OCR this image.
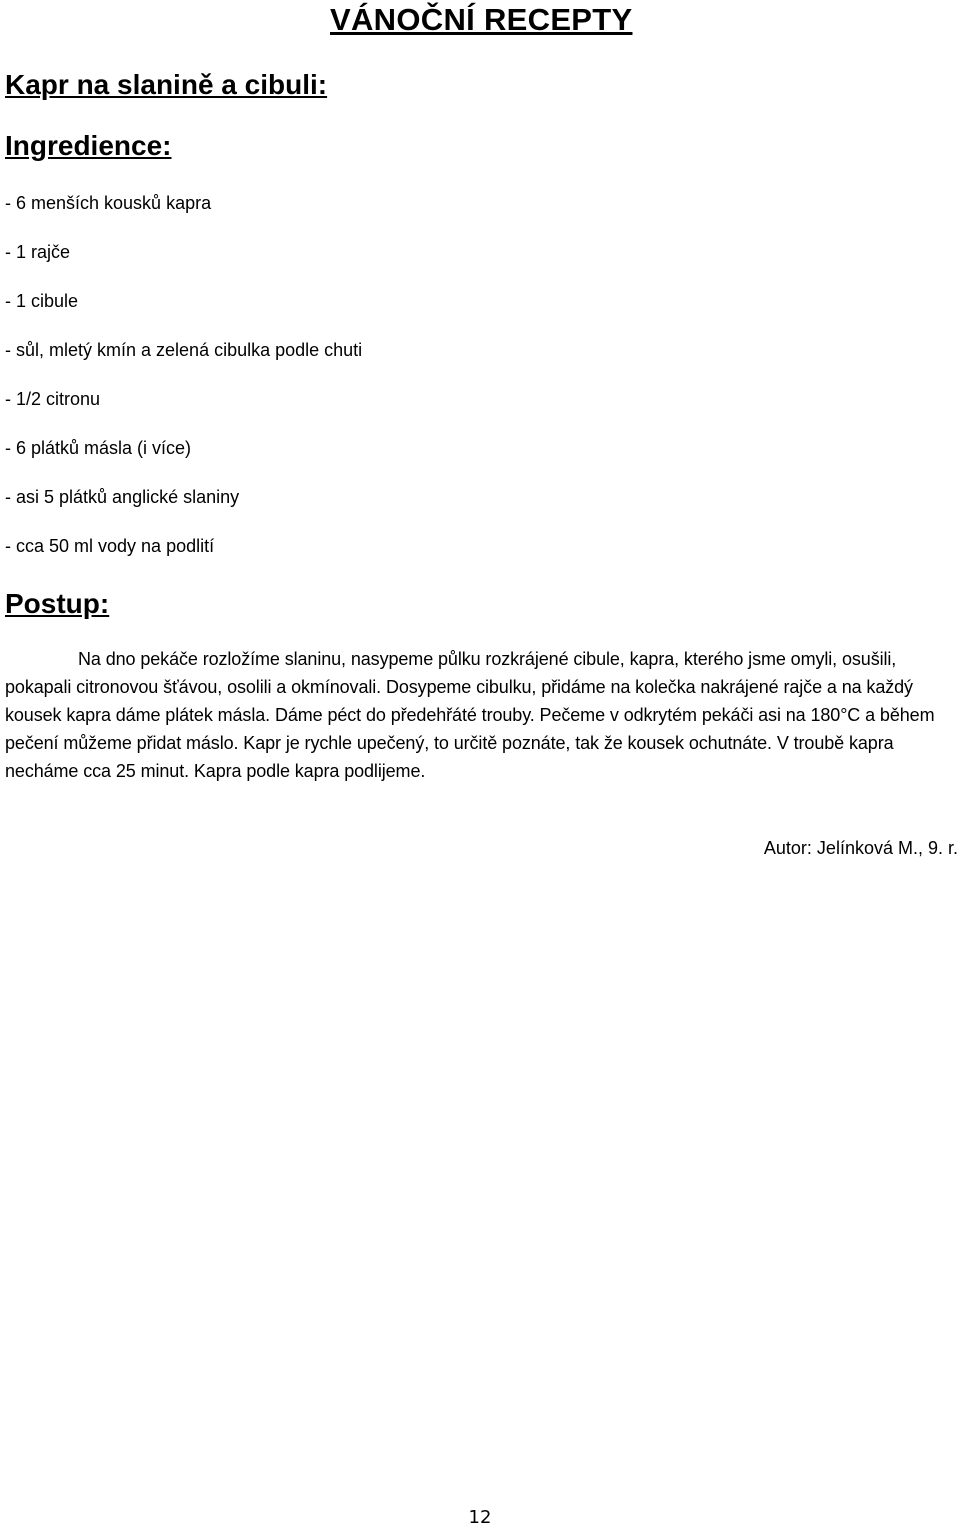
VÁNOČNÍ RECEPTY
Kapr na slanině a cibuli:
Ingredience:
- 6 menších kousků kapra
- 1 rajče
- 1 cibule
- sůl, mletý kmín a zelená cibulka podle chuti
- 1/2 citronu
- 6 plátků másla (i více)
- asi 5 plátků anglické slaniny
- cca 50 ml vody na podlití
Postup:

Na dno pekáče rozložíme slaninu, nasypeme půlku rozkrájené cibule, kapra, kterého jsme omyli, osušili, pokapali citronovou šťávou, osolili a okmínovali. Dosypeme cibulku, přidáme na kolečka nakrájené rajče a na každý kousek kapra dáme plátek másla. Dáme péct do předehřáté trouby. Pečeme v odkrytém pekáči asi na 180°C a během pečení můžeme přidat máslo. Kapr je rychle upečený, to určitě poznáte, tak že kousek ochutnáte. V troubě kapra necháme cca 25 minut. Kapra podle kapra podlijeme.

Autor: Jelínková M., 9. r.

12
